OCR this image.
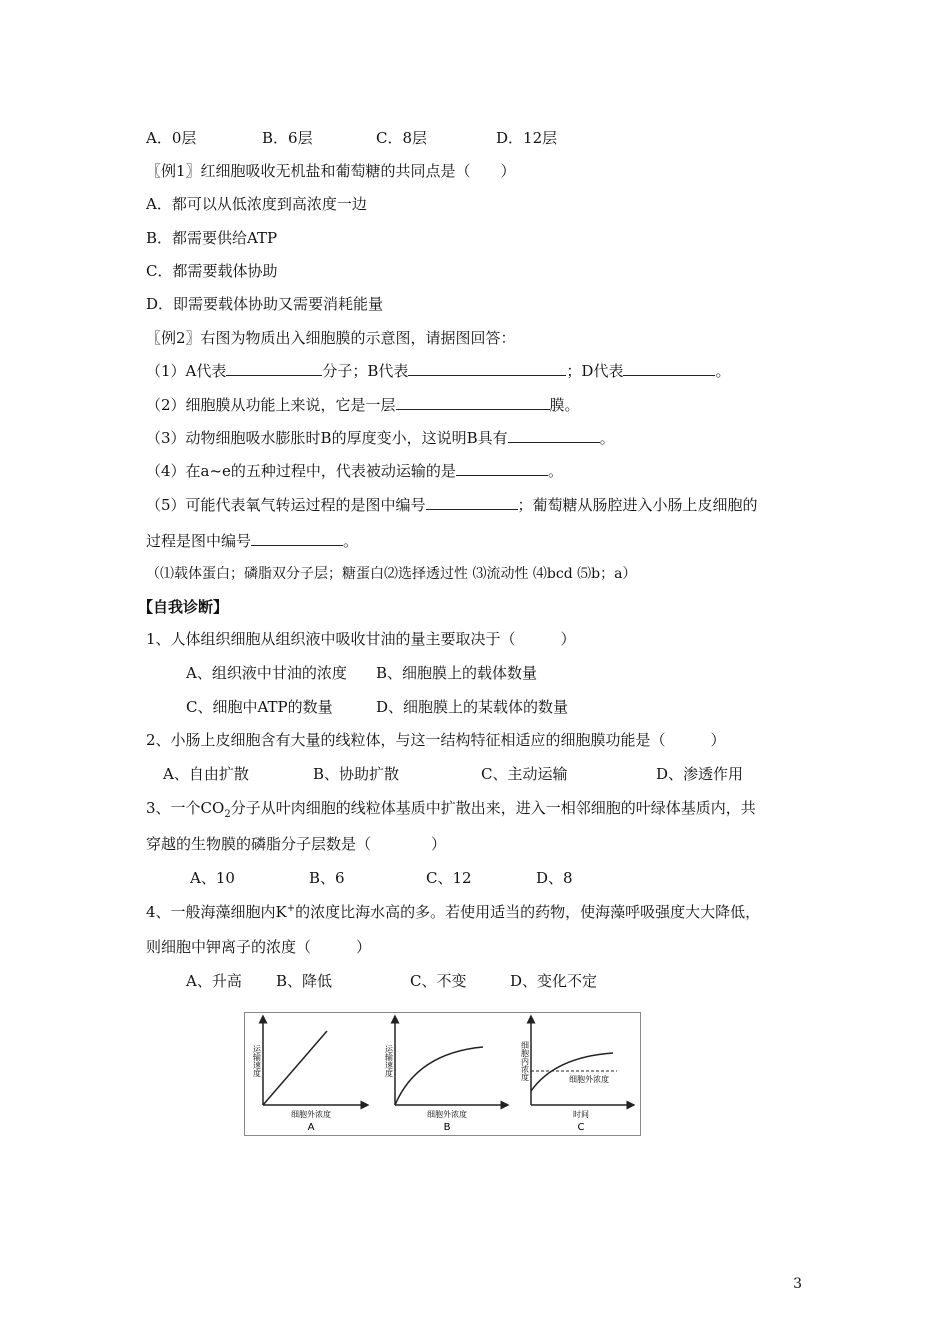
A．0层	B．6层	C．8层	D．12层
〖例1〗红细胞吸收无机盐和葡萄糖的共同点是（　　）
A．都可以从低浓度到高浓度一边
B．都需要供给ATP
C．都需要载体协助
D．即需要载体协助又需要消耗能量
〖例2〗右图为物质出入细胞膜的示意图，请据图回答：
（1）A代表	分子；B代表	；D代表	。
（2）细胞膜从功能上来说，它是一层	膜。
（3）动物细胞吸水膨胀时B的厚度变小，这说明B具有	。
（4）在a~e的五种过程中，代表被动运输的是	。
（5）可能代表氧气转运过程的是图中编号	；葡萄糖从肠腔进入小肠上皮细胞的
过程是图中编号	。
（⑴载体蛋白；磷脂双分子层；糖蛋白⑵选择透过性 ⑶流动性 ⑷bcd ⑸b；a）
【自我诊断】
1、人体组织细胞从组织液中吸收甘油的量主要取决于（　　　）
A、组织液中甘油的浓度 B、细胞膜上的载体数量
C、细胞中ATP的数量	D、细胞膜上的某载体的数量
2、小肠上皮细胞含有大量的线粒体，与这一结构特征相适应的细胞膜功能是（　　　）
A、自由扩散	B、协助扩散	C、主动运输	D、渗透作用
3、一个$CO_2$分子从叶肉细胞的线粒体基质中扩散出来，进入一相邻细胞的叶绿体基质内，共
穿越的生物膜的磷脂分子层数是（　　　　）
A、10	B、6	C、12	D、8
4、一般海藻细胞内K+的浓度比海水高的多。若使用适当的药物，使海藻呼吸强度大大降低，
则细胞中钾离子的浓度（　　　）
A、升高 B、降低	C、不变	D、变化不定
运输速度
细胞外浓度
A
运输速度
细胞外浓度
B
细胞内浓度	细胞外浓度
时间
C
3
